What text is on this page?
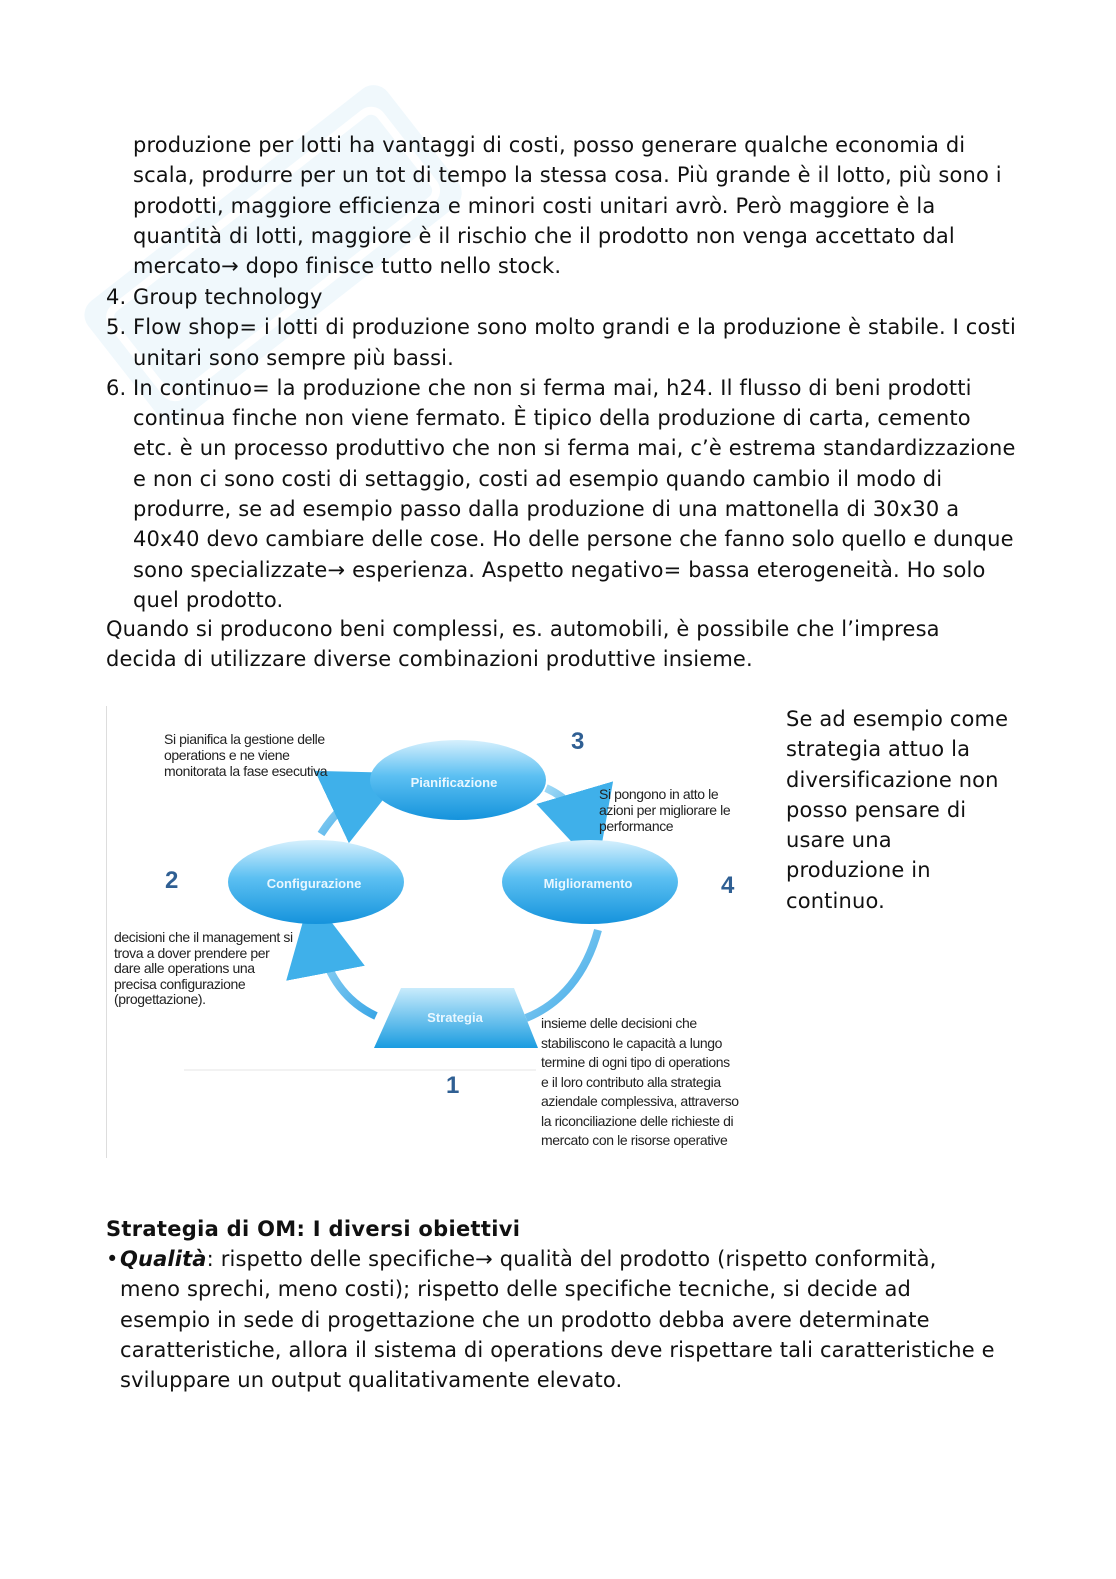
produzione per lotti ha vantaggi di costi, posso generare qualche economia di scala, produrre per un tot di tempo la stessa cosa. Più grande è il lotto, più sono i prodotti, maggiore efficienza e minori costi unitari avrò. Però maggiore è la quantità di lotti, maggiore è il rischio che il prodotto non venga accettato dal mercato→ dopo finisce tutto nello stock.
4. Group technology
5. Flow shop= i lotti di produzione sono molto grandi e la produzione è stabile. I costi unitari sono sempre più bassi.
6. In continuo= la produzione che non si ferma mai, h24. Il flusso di beni prodotti continua finche non viene fermato. È tipico della produzione di carta, cemento etc. è un processo produttivo che non si ferma mai, c’è estrema standardizzazione e non ci sono costi di settaggio, costi ad esempio quando cambio il modo di produrre, se ad esempio passo dalla produzione di una mattonella di 30x30 a 40x40 devo cambiare delle cose. Ho delle persone che fanno solo quello e dunque sono specializzate→ esperienza. Aspetto negativo= bassa eterogeneità. Ho solo quel prodotto.
Quando si producono beni complessi, es. automobili, è possibile che l’impresa decida di utilizzare diverse combinazioni produttive insieme.
Pianificazione
Configurazione	Miglioramento
Strategia
3
2	4
1
Si pianifica la gestione delle
operations e ne viene
monitorata la fase esecutiva
Si pongono in atto le
azioni per migliorare le
performance
decisioni che il management si
trova a dover prendere per
dare alle operations una
precisa configurazione
(progettazione).
insieme delle decisioni che
stabiliscono le capacità a lungo
termine di ogni tipo di operations
e il loro contributo alla strategia
aziendale complessiva, attraverso
la riconciliazione delle richieste di
mercato con le risorse operative
Se ad esempio come strategia attuo la diversificazione non posso pensare di usare una produzione in continuo.
Strategia di OM: I diversi obiettivi
• Qualità: rispetto delle specifiche→ qualità del prodotto (rispetto conformità, meno sprechi, meno costi); rispetto delle specifiche tecniche, si decide ad esempio in sede di progettazione che un prodotto debba avere determinate caratteristiche, allora il sistema di operations deve rispettare tali caratteristiche e sviluppare un output qualitativamente elevato.
